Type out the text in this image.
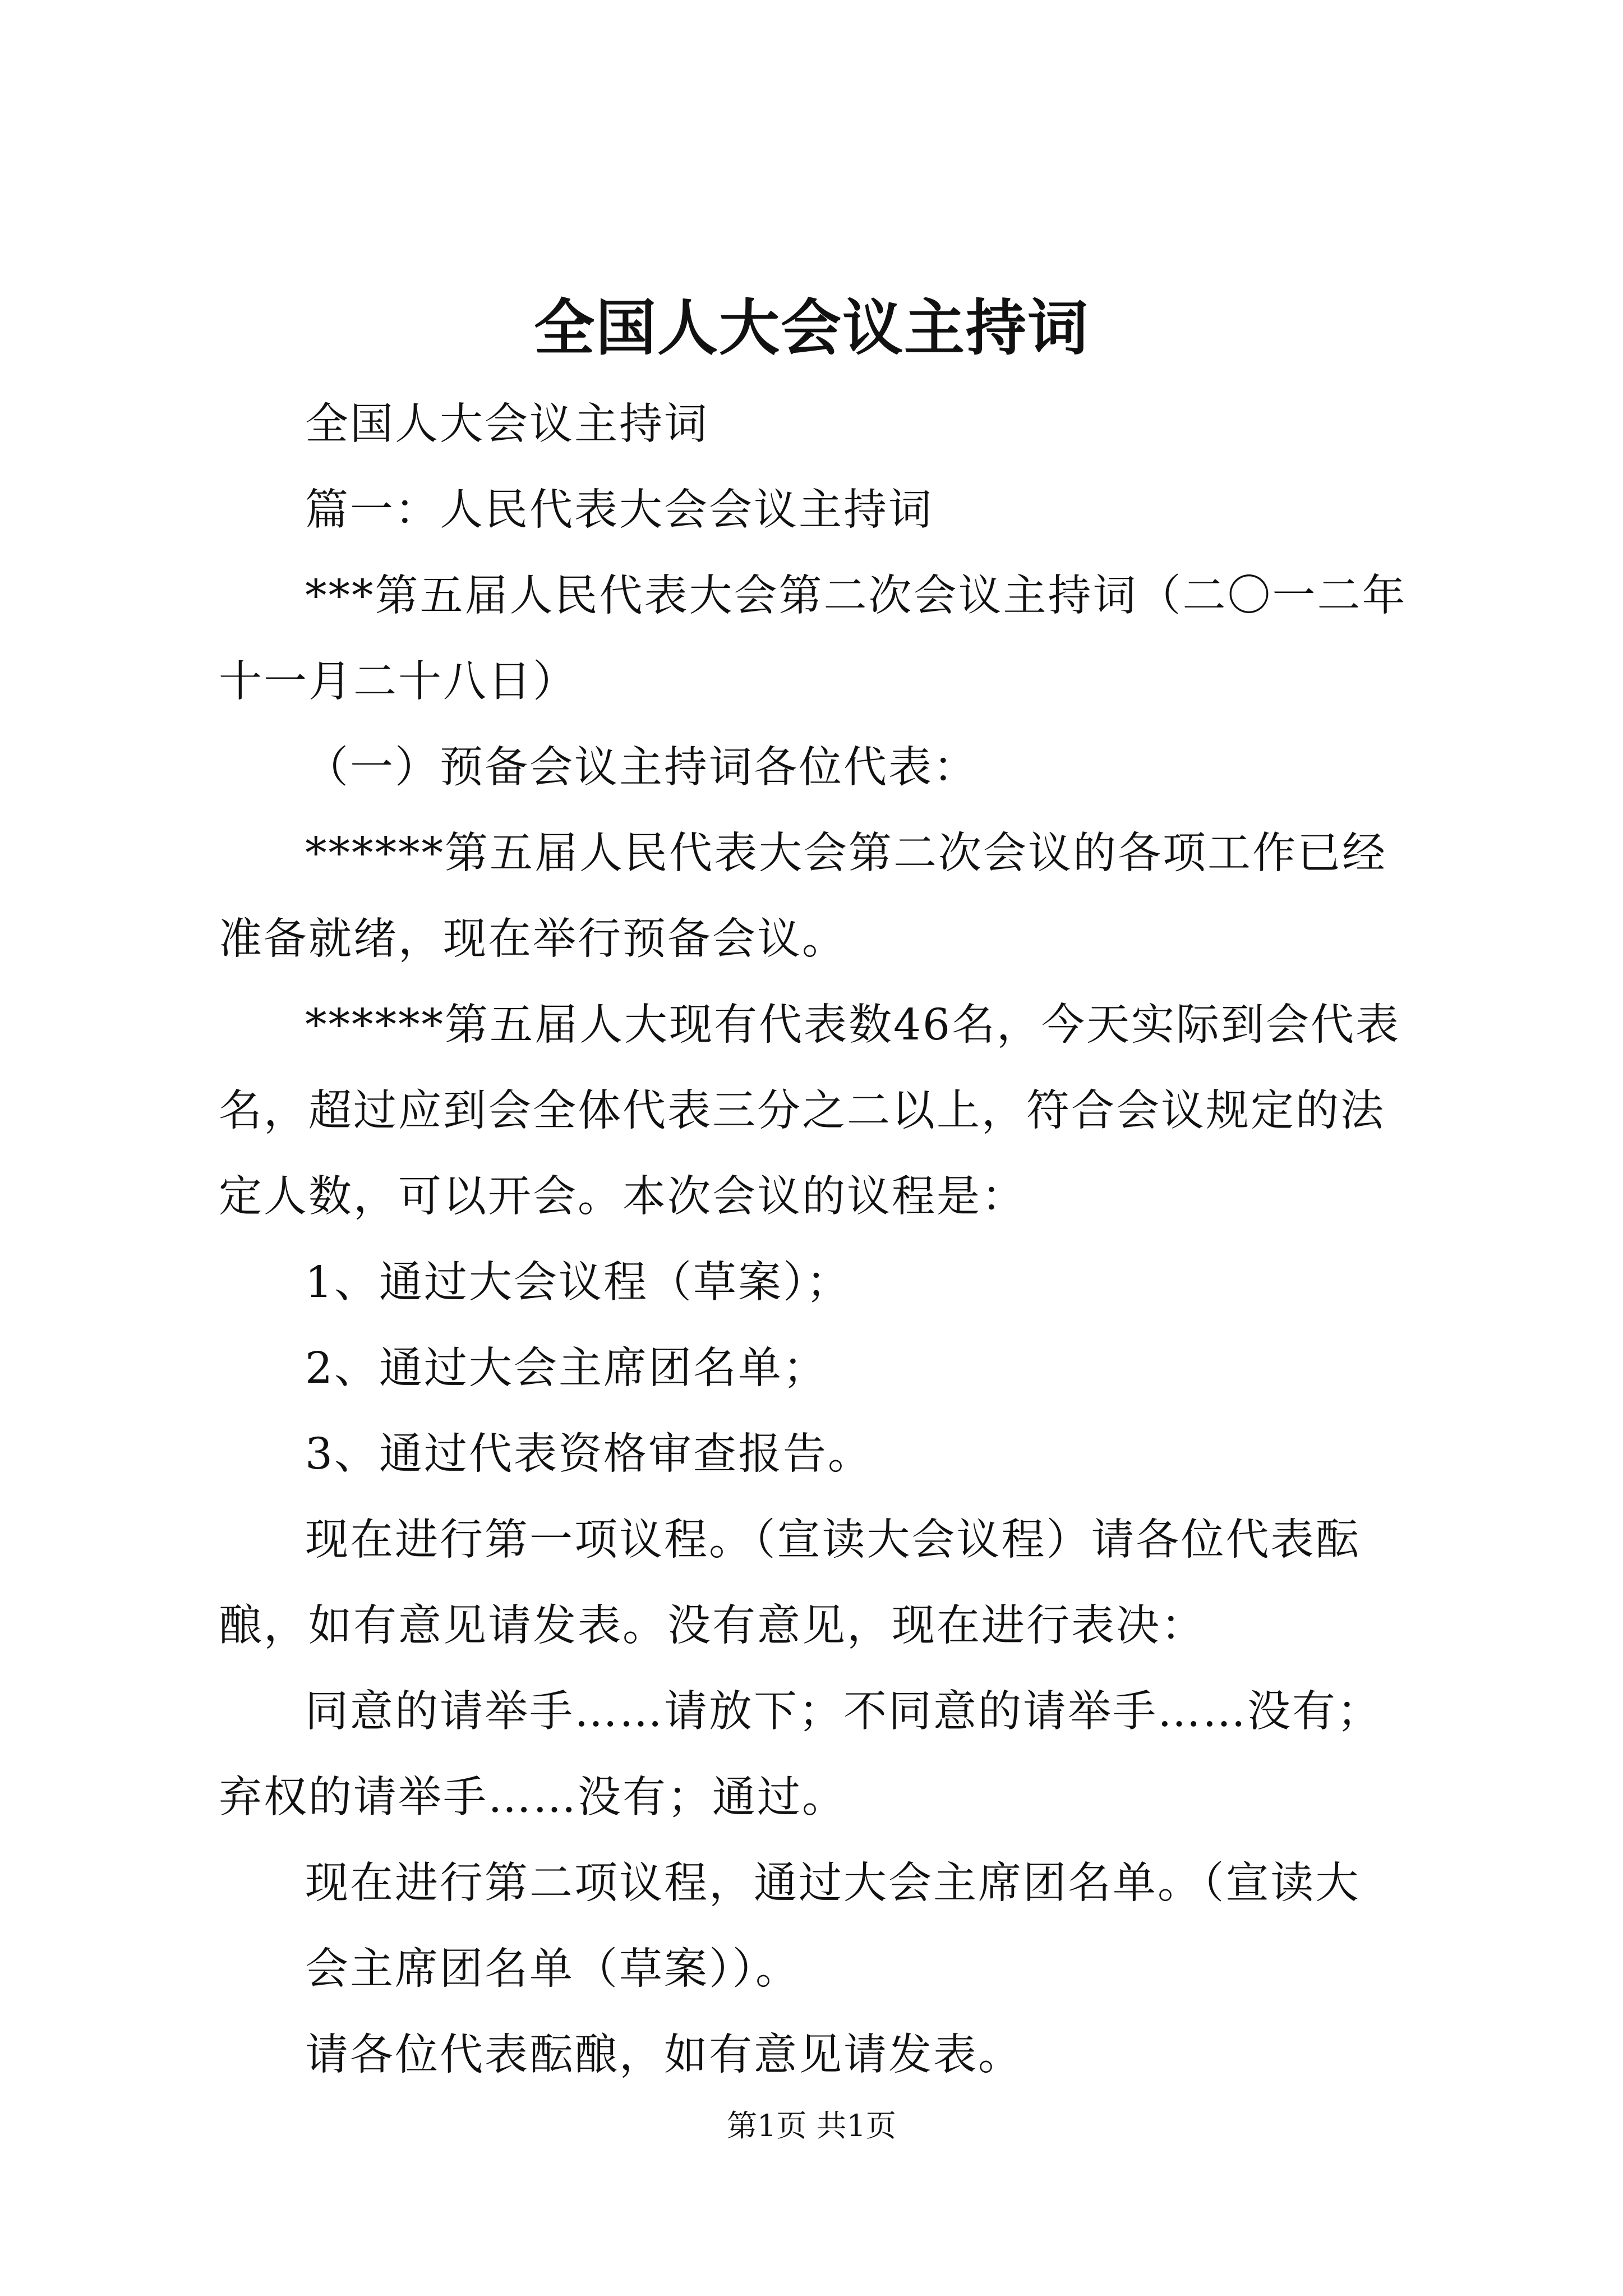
全国人大会议主持词

全国人大会议主持词

篇一：人民代表大会会议主持词

***第五届人民代表大会第二次会议主持词（二〇一二年十一月二十八日）

（一）预备会议主持词各位代表：

******第五届人民代表大会第二次会议的各项工作已经准备就绪，现在举行预备会议。

******第五届人大现有代表数46名，今天实际到会代表名，超过应到会全体代表三分之二以上，符合会议规定的法定人数，可以开会。本次会议的议程是：

1、通过大会议程（草案）；

2、通过大会主席团名单；

3、通过代表资格审查报告。

现在进行第一项议程。（宣读大会议程）请各位代表酝酿，如有意见请发表。没有意见，现在进行表决：

同意的请举手……请放下；不同意的请举手……没有；弃权的请举手……没有；通过。

现在进行第二项议程，通过大会主席团名单。（宣读大

会主席团名单（草案））。

请各位代表酝酿，如有意见请发表。

第1页 共1页
